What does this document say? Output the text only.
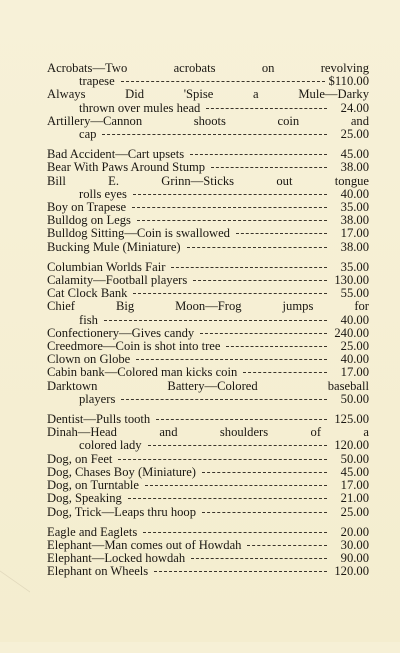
Acrobats—Two acrobats on revolving
trapese	$110.00
Always Did 'Spise a Mule—Darky
thrown over mules head	24.00
Artillery—Cannon shoots coin and
cap	25.00
Bad Accident—Cart upsets	45.00
Bear With Paws Around Stump	38.00
Bill E. Grinn—Sticks out tongue
rolls eyes	40.00
Boy on Trapese	35.00
Bulldog on Legs	38.00
Bulldog Sitting—Coin is swallowed	17.00
Bucking Mule (Miniature)	38.00
Columbian Worlds Fair	35.00
Calamity—Football players	130.00
Cat Clock Bank	55.00
Chief Big Moon—Frog jumps for
fish	40.00
Confectionery—Gives candy	240.00
Creedmore—Coin is shot into tree	25.00
Clown on Globe	40.00
Cabin bank—Colored man kicks coin	17.00
Darktown Battery—Colored baseball
players	50.00
Dentist—Pulls tooth	125.00
Dinah—Head and shoulders of a
colored lady	120.00
Dog, on Feet	50.00
Dog, Chases Boy (Miniature)	45.00
Dog, on Turntable	17.00
Dog, Speaking	21.00
Dog, Trick—Leaps thru hoop	25.00
Eagle and Eaglets	20.00
Elephant—Man comes out of Howdah	30.00
Elephant—Locked howdah	90.00
Elephant on Wheels	120.00
